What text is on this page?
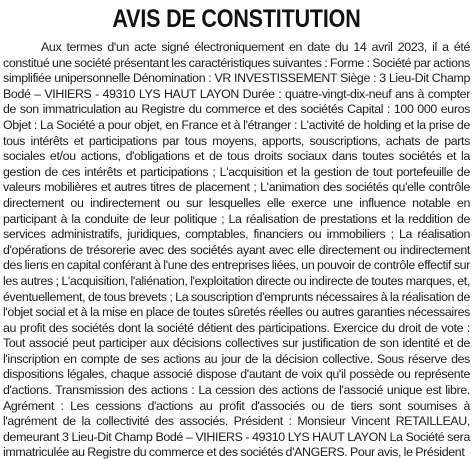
AVIS DE CONSTITUTION

Aux termes d'un acte signé électroniquement en date du 14 avril 2023, il a été constitué une société présentant les caractéristiques suivantes : Forme : Société par actions simplifiée unipersonnelle Dénomination : VR INVESTISSEMENT Siège : 3 Lieu-Dit Champ Bodé – VIHIERS - 49310 LYS HAUT LAYON Durée : quatre-vingt-dix-neuf ans à compter de son immatriculation au Registre du commerce et des sociétés Capital : 100 000 euros Objet : La Société a pour objet, en France et à l'étranger : L'activité de holding et la prise de tous intérêts et participations par tous moyens, apports, souscriptions, achats de parts sociales et/ou actions, d'obligations et de tous droits sociaux dans toutes sociétés et la gestion de ces intérêts et participations ; L'acquisition et la gestion de tout portefeuille de valeurs mobilières et autres titres de placement ; L'animation des sociétés qu'elle contrôle directement ou indirectement ou sur lesquelles elle exerce une influence notable en participant à la conduite de leur politique ; La réalisation de prestations et la reddition de services administratifs, juridiques, comptables, financiers ou immobiliers ; La réalisation d'opérations de trésorerie avec des sociétés ayant avec elle directement ou indirectement des liens en capital conférant à l'une des entreprises liées, un pouvoir de contrôle effectif sur les autres ; L'acquisition, l'aliénation, l'exploitation directe ou indirecte de toutes marques, et, éventuellement, de tous brevets ; La souscription d'emprunts nécessaires à la réalisation de l'objet social et à la mise en place de toutes sûretés réelles ou autres garanties nécessaires au profit des sociétés dont la société détient des participations. Exercice du droit de vote : Tout associé peut participer aux décisions collectives sur justification de son identité et de l'inscription en compte de ses actions au jour de la décision collective. Sous réserve des dispositions légales, chaque associé dispose d'autant de voix qu'il possède ou représente d'actions. Transmission des actions : La cession des actions de l'associé unique est libre. Agrément : Les cessions d'actions au profit d'associés ou de tiers sont soumises à l'agrément de la collectivité des associés. Président : Monsieur Vincent RETAILLEAU, demeurant 3 Lieu-Dit Champ Bodé – VIHIERS - 49310 LYS HAUT LAYON La Société sera immatriculée au Registre du commerce et des sociétés d'ANGERS. Pour avis, le Président
